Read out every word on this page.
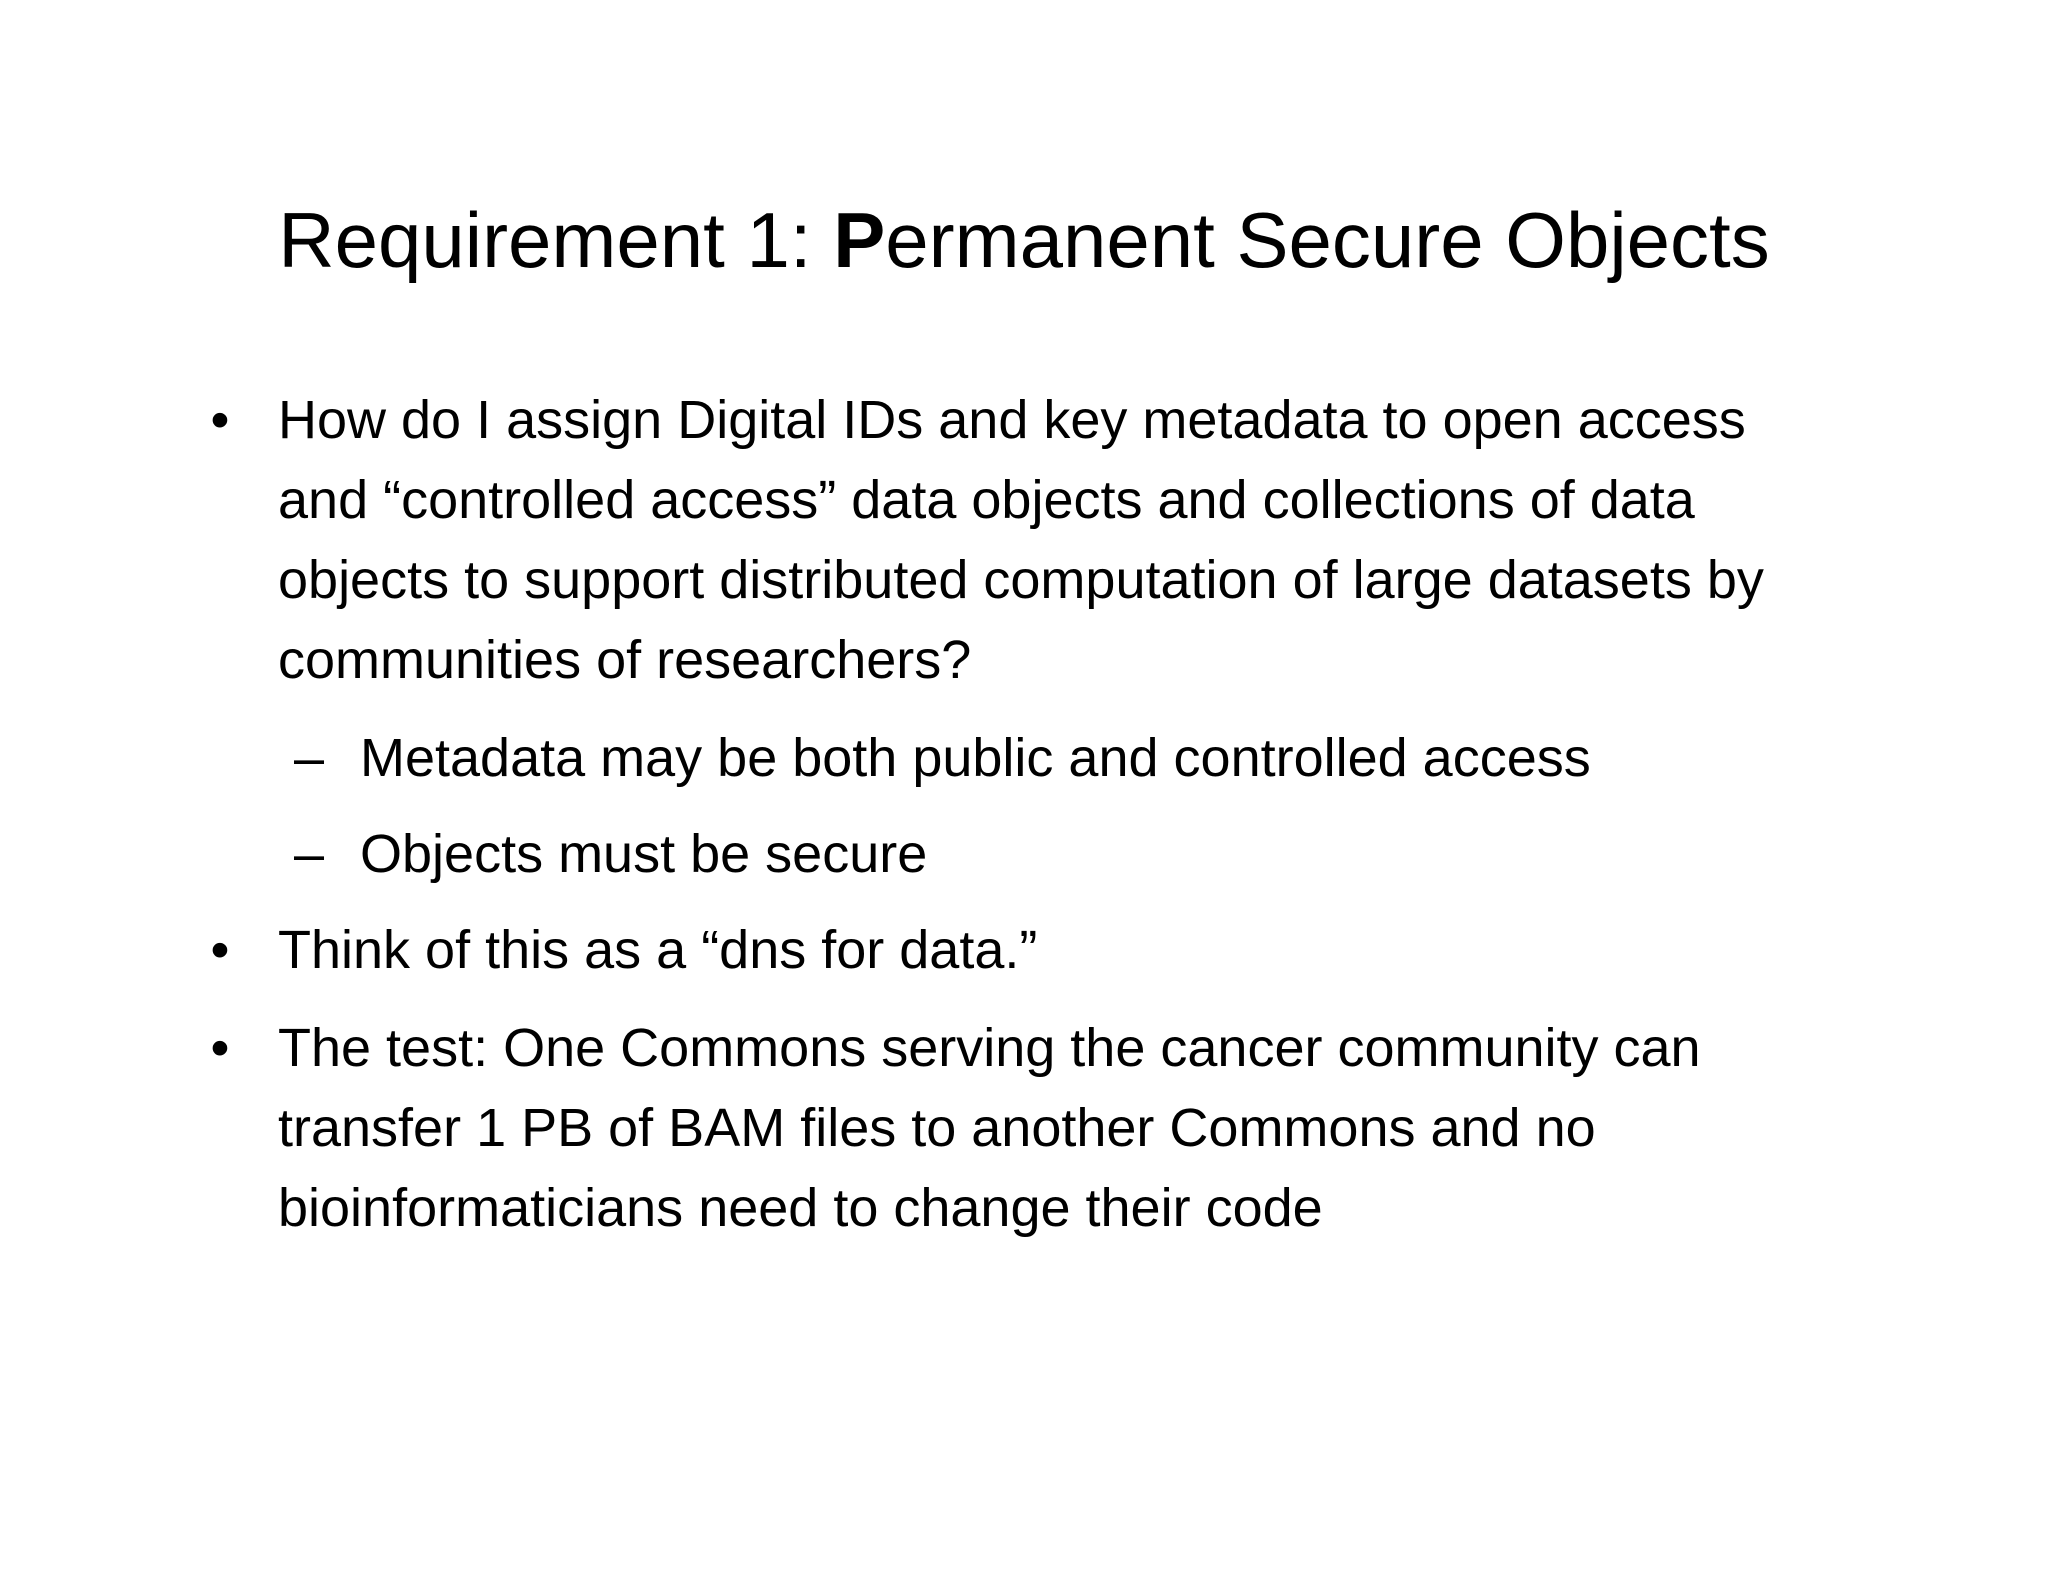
Requirement 1: Permanent Secure Objects
• How do I assign Digital IDs and key metadata to open access and “controlled access” data objects and collections of data objects to support distributed computation of large datasets by communities of researchers?
– Metadata may be both public and controlled access
– Objects must be secure
• Think of this as a “dns for data.”
• The test: One Commons serving the cancer community can transfer 1 PB of BAM files to another Commons and no bioinformaticians need to change their code
